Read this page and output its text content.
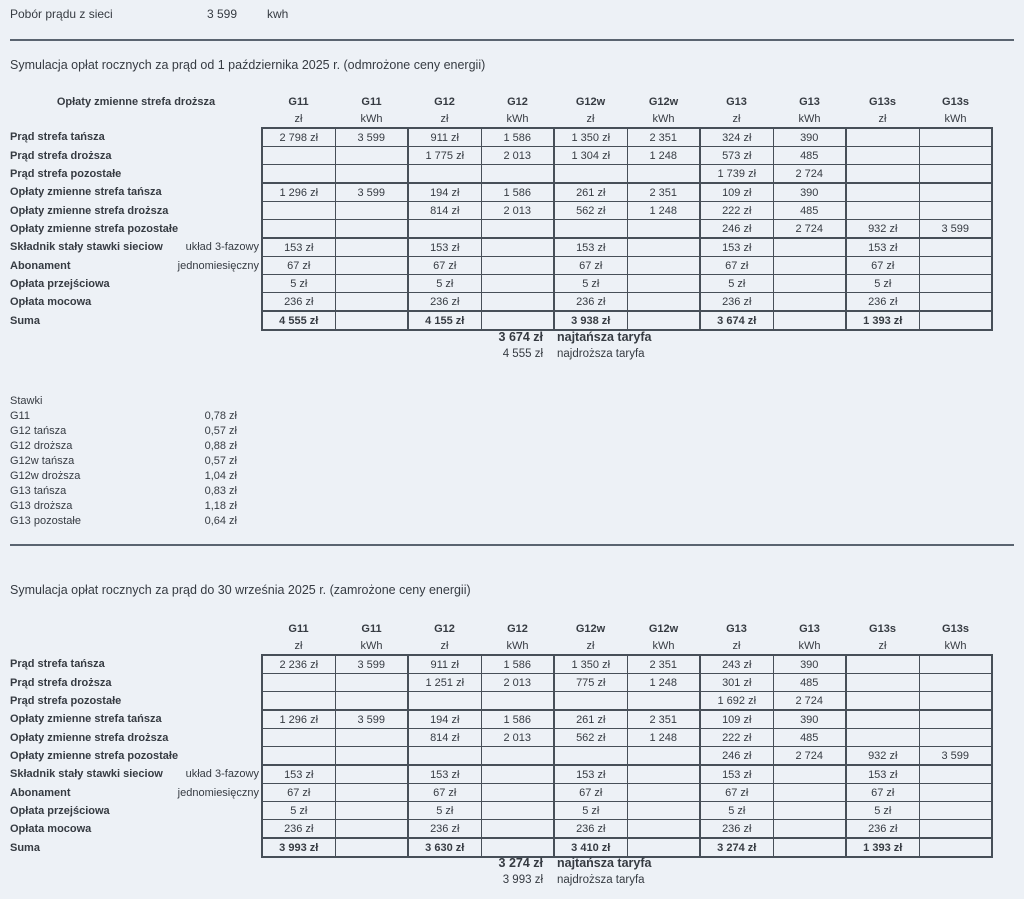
Pobór prądu z sieci	3 599	kwh
Symulacja opłat rocznych za prąd od 1 października 2025 r. (odmrożone ceny energii)
Opłaty zmienne strefa droższa	G11	G11	G12	G12	G12w	G12w	G13	G13	G13s	G13s
	zł	kWh	zł	kWh	zł	kWh	zł	kWh	zł	kWh

Prąd strefa tańsza	2 798 zł	3 599	911 zł	1 586	1 350 zł	2 351	324 zł	390		

Prąd strefa droższa			1 775 zł	2 013	1 304 zł	1 248	573 zł	485		

Prąd strefa pozostałe							1 739 zł	2 724		

Opłaty zmienne strefa tańsza	1 296 zł	3 599	194 zł	1 586	261 zł	2 351	109 zł	390		

Opłaty zmienne strefa droższa			814 zł	2 013	562 zł	1 248	222 zł	485		

Opłaty zmienne strefa pozostałe							246 zł	2 724	932 zł	3 599

Składnik stały stawki sieciow układ 3-fazowy	153 zł		153 zł		153 zł		153 zł		153 zł	

Abonament jednomiesięczny	67 zł		67 zł		67 zł		67 zł		67 zł	

Opłata przejściowa	5 zł		5 zł		5 zł		5 zł		5 zł	

Opłata mocowa	236 zł		236 zł		236 zł		236 zł		236 zł	

Suma	4 555 zł		4 155 zł		3 938 zł		3 674 zł		1 393 zł	
3 674 zł najtańsza taryfa
4 555 zł najdroższa taryfa
Stawki
G11	0,78 zł
G12 tańsza	0,57 zł
G12 droższa	0,88 zł
G12w tańsza	0,57 zł
G12w droższa	1,04 zł
G13 tańsza	0,83 zł
G13 droższa	1,18 zł
G13 pozostałe	0,64 zł
Symulacja opłat rocznych za prąd do 30 września 2025 r. (zamrożone ceny energii)
	G11	G11	G12	G12	G12w	G12w	G13	G13	G13s	G13s
	zł	kWh	zł	kWh	zł	kWh	zł	kWh	zł	kWh

Prąd strefa tańsza	2 236 zł	3 599	911 zł	1 586	1 350 zł	2 351	243 zł	390		

Prąd strefa droższa			1 251 zł	2 013	775 zł	1 248	301 zł	485		

Prąd strefa pozostałe							1 692 zł	2 724		

Opłaty zmienne strefa tańsza	1 296 zł	3 599	194 zł	1 586	261 zł	2 351	109 zł	390		

Opłaty zmienne strefa droższa			814 zł	2 013	562 zł	1 248	222 zł	485		

Opłaty zmienne strefa pozostałe							246 zł	2 724	932 zł	3 599

Składnik stały stawki sieciow układ 3-fazowy	153 zł		153 zł		153 zł		153 zł		153 zł	

Abonament jednomiesięczny	67 zł		67 zł		67 zł		67 zł		67 zł	

Opłata przejściowa	5 zł		5 zł		5 zł		5 zł		5 zł	

Opłata mocowa	236 zł		236 zł		236 zł		236 zł		236 zł	

Suma	3 993 zł		3 630 zł		3 410 zł		3 274 zł		1 393 zł	
3 274 zł najtańsza taryfa
3 993 zł najdroższa taryfa
